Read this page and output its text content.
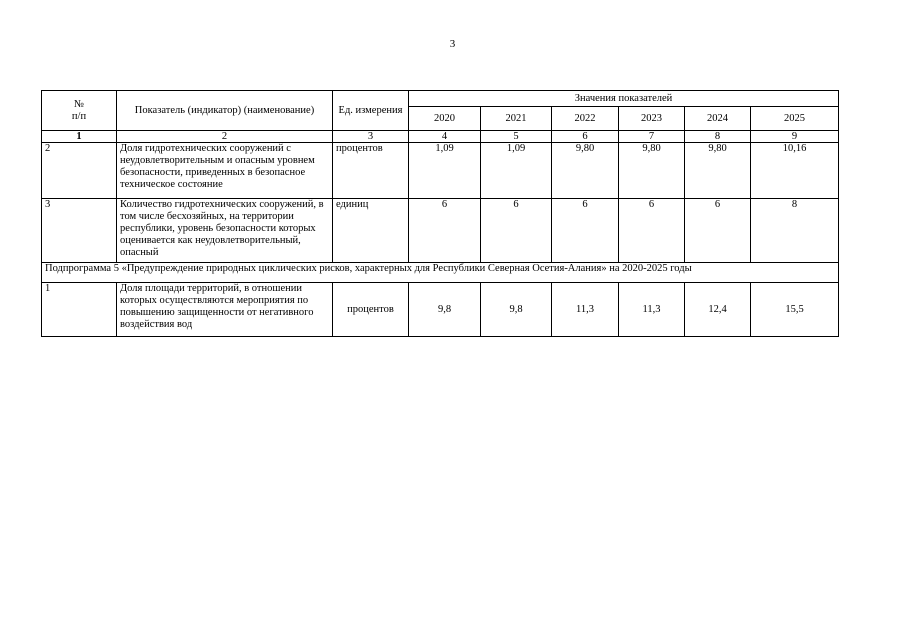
3
№
п/п	Показатель (индикатор) (наименование)	Ед. измерения	Значения показателей					
			2020	2021	2022	2023	2024	2025
1	2	3	4	5	6	7	8	9
2	Доля гидротехнических сооружений с неудовлетворительным и опасным уровнем безопасности, приведенных в безопасное техническое состояние	процентов	1,09	1,09	9,80	9,80	9,80	10,16
3	Количество гидротехнических сооружений, в том числе бесхозяйных, на территории республики, уровень безопасности которых оценивается как неудовлетворительный, опасный	единиц	6	6	6	6	6	8
Подпрограмма 5 «Предупреждение природных циклических рисков, характерных для Республики Северная Осетия-Алания» на 2020-2025 годы								
1	Доля площади территорий, в отношении которых осуществляются мероприятия по повышению защищенности от негативного воздействия вод	процентов	9,8	9,8	11,3	11,3	12,4	15,5
